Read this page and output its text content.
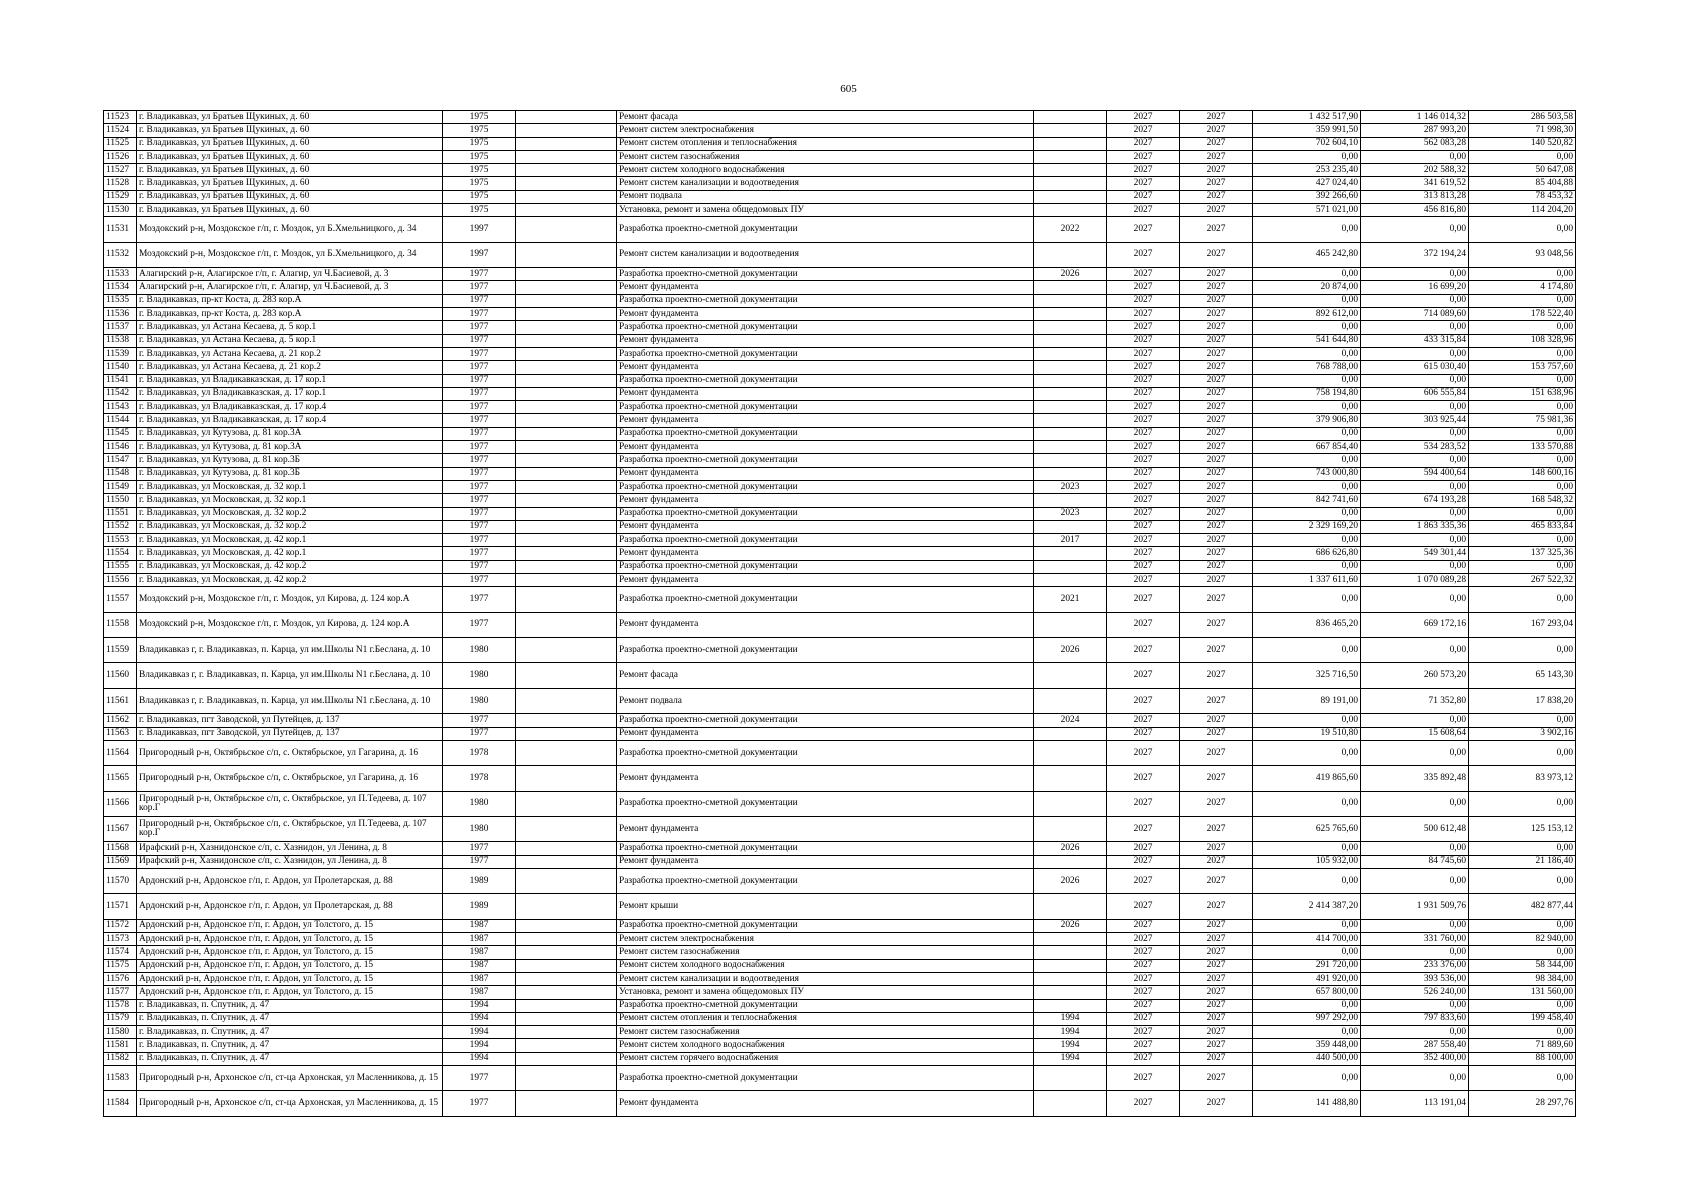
605
11523	г. Владикавказ, ул Братьев Щукиных, д. 60	1975		Ремонт фасада		2027	2027	1 432 517,90	1 146 014,32	286 503,58
11524	г. Владикавказ, ул Братьев Щукиных, д. 60	1975		Ремонт систем электроснабжения		2027	2027	359 991,50	287 993,20	71 998,30
11525	г. Владикавказ, ул Братьев Щукиных, д. 60	1975		Ремонт систем отопления и теплоснабжения		2027	2027	702 604,10	562 083,28	140 520,82
11526	г. Владикавказ, ул Братьев Щукиных, д. 60	1975		Ремонт систем газоснабжения		2027	2027	0,00	0,00	0,00
11527	г. Владикавказ, ул Братьев Щукиных, д. 60	1975		Ремонт систем холодного водоснабжения		2027	2027	253 235,40	202 588,32	50 647,08
11528	г. Владикавказ, ул Братьев Щукиных, д. 60	1975		Ремонт систем канализации и водоотведения		2027	2027	427 024,40	341 619,52	85 404,88
11529	г. Владикавказ, ул Братьев Щукиных, д. 60	1975		Ремонт подвала		2027	2027	392 266,60	313 813,28	78 453,32
11530	г. Владикавказ, ул Братьев Щукиных, д. 60	1975		Установка, ремонт и замена общедомовых ПУ		2027	2027	571 021,00	456 816,80	114 204,20
11531	Моздокский р-н, Моздокское г/п, г. Моздок, ул Б.Хмельницкого, д. 34	1997		Разработка проектно-сметной документации	2022	2027	2027	0,00	0,00	0,00
11532	Моздокский р-н, Моздокское г/п, г. Моздок, ул Б.Хмельницкого, д. 34	1997		Ремонт систем канализации и водоотведения		2027	2027	465 242,80	372 194,24	93 048,56
11533	Алагирский р-н, Алагирское г/п, г. Алагир, ул Ч.Басиевой, д. 3	1977		Разработка проектно-сметной документации	2026	2027	2027	0,00	0,00	0,00
11534	Алагирский р-н, Алагирское г/п, г. Алагир, ул Ч.Басиевой, д. 3	1977		Ремонт фундамента		2027	2027	20 874,00	16 699,20	4 174,80
11535	г. Владикавказ, пр-кт Коста, д. 283 кор.А	1977		Разработка проектно-сметной документации		2027	2027	0,00	0,00	0,00
11536	г. Владикавказ, пр-кт Коста, д. 283 кор.А	1977		Ремонт фундамента		2027	2027	892 612,00	714 089,60	178 522,40
11537	г. Владикавказ, ул Астана Кесаева, д. 5 кор.1	1977		Разработка проектно-сметной документации		2027	2027	0,00	0,00	0,00
11538	г. Владикавказ, ул Астана Кесаева, д. 5 кор.1	1977		Ремонт фундамента		2027	2027	541 644,80	433 315,84	108 328,96
11539	г. Владикавказ, ул Астана Кесаева, д. 21 кор.2	1977		Разработка проектно-сметной документации		2027	2027	0,00	0,00	0,00
11540	г. Владикавказ, ул Астана Кесаева, д. 21 кор.2	1977		Ремонт фундамента		2027	2027	768 788,00	615 030,40	153 757,60
11541	г. Владикавказ, ул Владикавказская, д. 17 кор.1	1977		Разработка проектно-сметной документации		2027	2027	0,00	0,00	0,00
11542	г. Владикавказ, ул Владикавказская, д. 17 кор.1	1977		Ремонт фундамента		2027	2027	758 194,80	606 555,84	151 638,96
11543	г. Владикавказ, ул Владикавказская, д. 17 кор.4	1977		Разработка проектно-сметной документации		2027	2027	0,00	0,00	0,00
11544	г. Владикавказ, ул Владикавказская, д. 17 кор.4	1977		Ремонт фундамента		2027	2027	379 906,80	303 925,44	75 981,36
11545	г. Владикавказ, ул Кутузова, д. 81 кор.3А	1977		Разработка проектно-сметной документации		2027	2027	0,00	0,00	0,00
11546	г. Владикавказ, ул Кутузова, д. 81 кор.3А	1977		Ремонт фундамента		2027	2027	667 854,40	534 283,52	133 570,88
11547	г. Владикавказ, ул Кутузова, д. 81 кор.3Б	1977		Разработка проектно-сметной документации		2027	2027	0,00	0,00	0,00
11548	г. Владикавказ, ул Кутузова, д. 81 кор.3Б	1977		Ремонт фундамента		2027	2027	743 000,80	594 400,64	148 600,16
11549	г. Владикавказ, ул Московская, д. 32 кор.1	1977		Разработка проектно-сметной документации	2023	2027	2027	0,00	0,00	0,00
11550	г. Владикавказ, ул Московская, д. 32 кор.1	1977		Ремонт фундамента		2027	2027	842 741,60	674 193,28	168 548,32
11551	г. Владикавказ, ул Московская, д. 32 кор.2	1977		Разработка проектно-сметной документации	2023	2027	2027	0,00	0,00	0,00
11552	г. Владикавказ, ул Московская, д. 32 кор.2	1977		Ремонт фундамента		2027	2027	2 329 169,20	1 863 335,36	465 833,84
11553	г. Владикавказ, ул Московская, д. 42 кор.1	1977		Разработка проектно-сметной документации	2017	2027	2027	0,00	0,00	0,00
11554	г. Владикавказ, ул Московская, д. 42 кор.1	1977		Ремонт фундамента		2027	2027	686 626,80	549 301,44	137 325,36
11555	г. Владикавказ, ул Московская, д. 42 кор.2	1977		Разработка проектно-сметной документации		2027	2027	0,00	0,00	0,00
11556	г. Владикавказ, ул Московская, д. 42 кор.2	1977		Ремонт фундамента		2027	2027	1 337 611,60	1 070 089,28	267 522,32
11557	Моздокский р-н, Моздокское г/п, г. Моздок, ул Кирова, д. 124 кор.А	1977		Разработка проектно-сметной документации	2021	2027	2027	0,00	0,00	0,00
11558	Моздокский р-н, Моздокское г/п, г. Моздок, ул Кирова, д. 124 кор.А	1977		Ремонт фундамента		2027	2027	836 465,20	669 172,16	167 293,04
11559	Владикавказ г, г. Владикавказ, п. Карца, ул им.Школы N1 г.Беслана, д. 10	1980		Разработка проектно-сметной документации	2026	2027	2027	0,00	0,00	0,00
11560	Владикавказ г, г. Владикавказ, п. Карца, ул им.Школы N1 г.Беслана, д. 10	1980		Ремонт фасада		2027	2027	325 716,50	260 573,20	65 143,30
11561	Владикавказ г, г. Владикавказ, п. Карца, ул им.Школы N1 г.Беслана, д. 10	1980		Ремонт подвала		2027	2027	89 191,00	71 352,80	17 838,20
11562	г. Владикавказ, пгт Заводской, ул Путейцев, д. 137	1977		Разработка проектно-сметной документации	2024	2027	2027	0,00	0,00	0,00
11563	г. Владикавказ, пгт Заводской, ул Путейцев, д. 137	1977		Ремонт фундамента		2027	2027	19 510,80	15 608,64	3 902,16
11564	Пригородный р-н, Октябрьское с/п, с. Октябрьское, ул Гагарина, д. 16	1978		Разработка проектно-сметной документации		2027	2027	0,00	0,00	0,00
11565	Пригородный р-н, Октябрьское с/п, с. Октябрьское, ул Гагарина, д. 16	1978		Ремонт фундамента		2027	2027	419 865,60	335 892,48	83 973,12
11566	Пригородный р-н, Октябрьское с/п, с. Октябрьское, ул П.Тедеева, д. 107 кор.Г	1980		Разработка проектно-сметной документации		2027	2027	0,00	0,00	0,00
11567	Пригородный р-н, Октябрьское с/п, с. Октябрьское, ул П.Тедеева, д. 107 кор.Г	1980		Ремонт фундамента		2027	2027	625 765,60	500 612,48	125 153,12
11568	Ирафский р-н, Хазнидонское с/п, с. Хазнидон, ул Ленина, д. 8	1977		Разработка проектно-сметной документации	2026	2027	2027	0,00	0,00	0,00
11569	Ирафский р-н, Хазнидонское с/п, с. Хазнидон, ул Ленина, д. 8	1977		Ремонт фундамента		2027	2027	105 932,00	84 745,60	21 186,40
11570	Ардонский р-н, Ардонское г/п, г. Ардон, ул Пролетарская, д. 88	1989		Разработка проектно-сметной документации	2026	2027	2027	0,00	0,00	0,00
11571	Ардонский р-н, Ардонское г/п, г. Ардон, ул Пролетарская, д. 88	1989		Ремонт крыши		2027	2027	2 414 387,20	1 931 509,76	482 877,44
11572	Ардонский р-н, Ардонское г/п, г. Ардон, ул Толстого, д. 15	1987		Разработка проектно-сметной документации	2026	2027	2027	0,00	0,00	0,00
11573	Ардонский р-н, Ардонское г/п, г. Ардон, ул Толстого, д. 15	1987		Ремонт систем электроснабжения		2027	2027	414 700,00	331 760,00	82 940,00
11574	Ардонский р-н, Ардонское г/п, г. Ардон, ул Толстого, д. 15	1987		Ремонт систем газоснабжения		2027	2027	0,00	0,00	0,00
11575	Ардонский р-н, Ардонское г/п, г. Ардон, ул Толстого, д. 15	1987		Ремонт систем холодного водоснабжения		2027	2027	291 720,00	233 376,00	58 344,00
11576	Ардонский р-н, Ардонское г/п, г. Ардон, ул Толстого, д. 15	1987		Ремонт систем канализации и водоотведения		2027	2027	491 920,00	393 536,00	98 384,00
11577	Ардонский р-н, Ардонское г/п, г. Ардон, ул Толстого, д. 15	1987		Установка, ремонт и замена общедомовых ПУ		2027	2027	657 800,00	526 240,00	131 560,00
11578	г. Владикавказ, п. Спутник, д. 47	1994		Разработка проектно-сметной документации		2027	2027	0,00	0,00	0,00
11579	г. Владикавказ, п. Спутник, д. 47	1994		Ремонт систем отопления и теплоснабжения	1994	2027	2027	997 292,00	797 833,60	199 458,40
11580	г. Владикавказ, п. Спутник, д. 47	1994		Ремонт систем газоснабжения	1994	2027	2027	0,00	0,00	0,00
11581	г. Владикавказ, п. Спутник, д. 47	1994		Ремонт систем холодного водоснабжения	1994	2027	2027	359 448,00	287 558,40	71 889,60
11582	г. Владикавказ, п. Спутник, д. 47	1994		Ремонт систем горячего водоснабжения	1994	2027	2027	440 500,00	352 400,00	88 100,00
11583	Пригородный р-н, Архонское с/п, ст-ца Архонская, ул Масленникова, д. 15	1977		Разработка проектно-сметной документации		2027	2027	0,00	0,00	0,00
11584	Пригородный р-н, Архонское с/п, ст-ца Архонская, ул Масленникова, д. 15	1977		Ремонт фундамента		2027	2027	141 488,80	113 191,04	28 297,76
